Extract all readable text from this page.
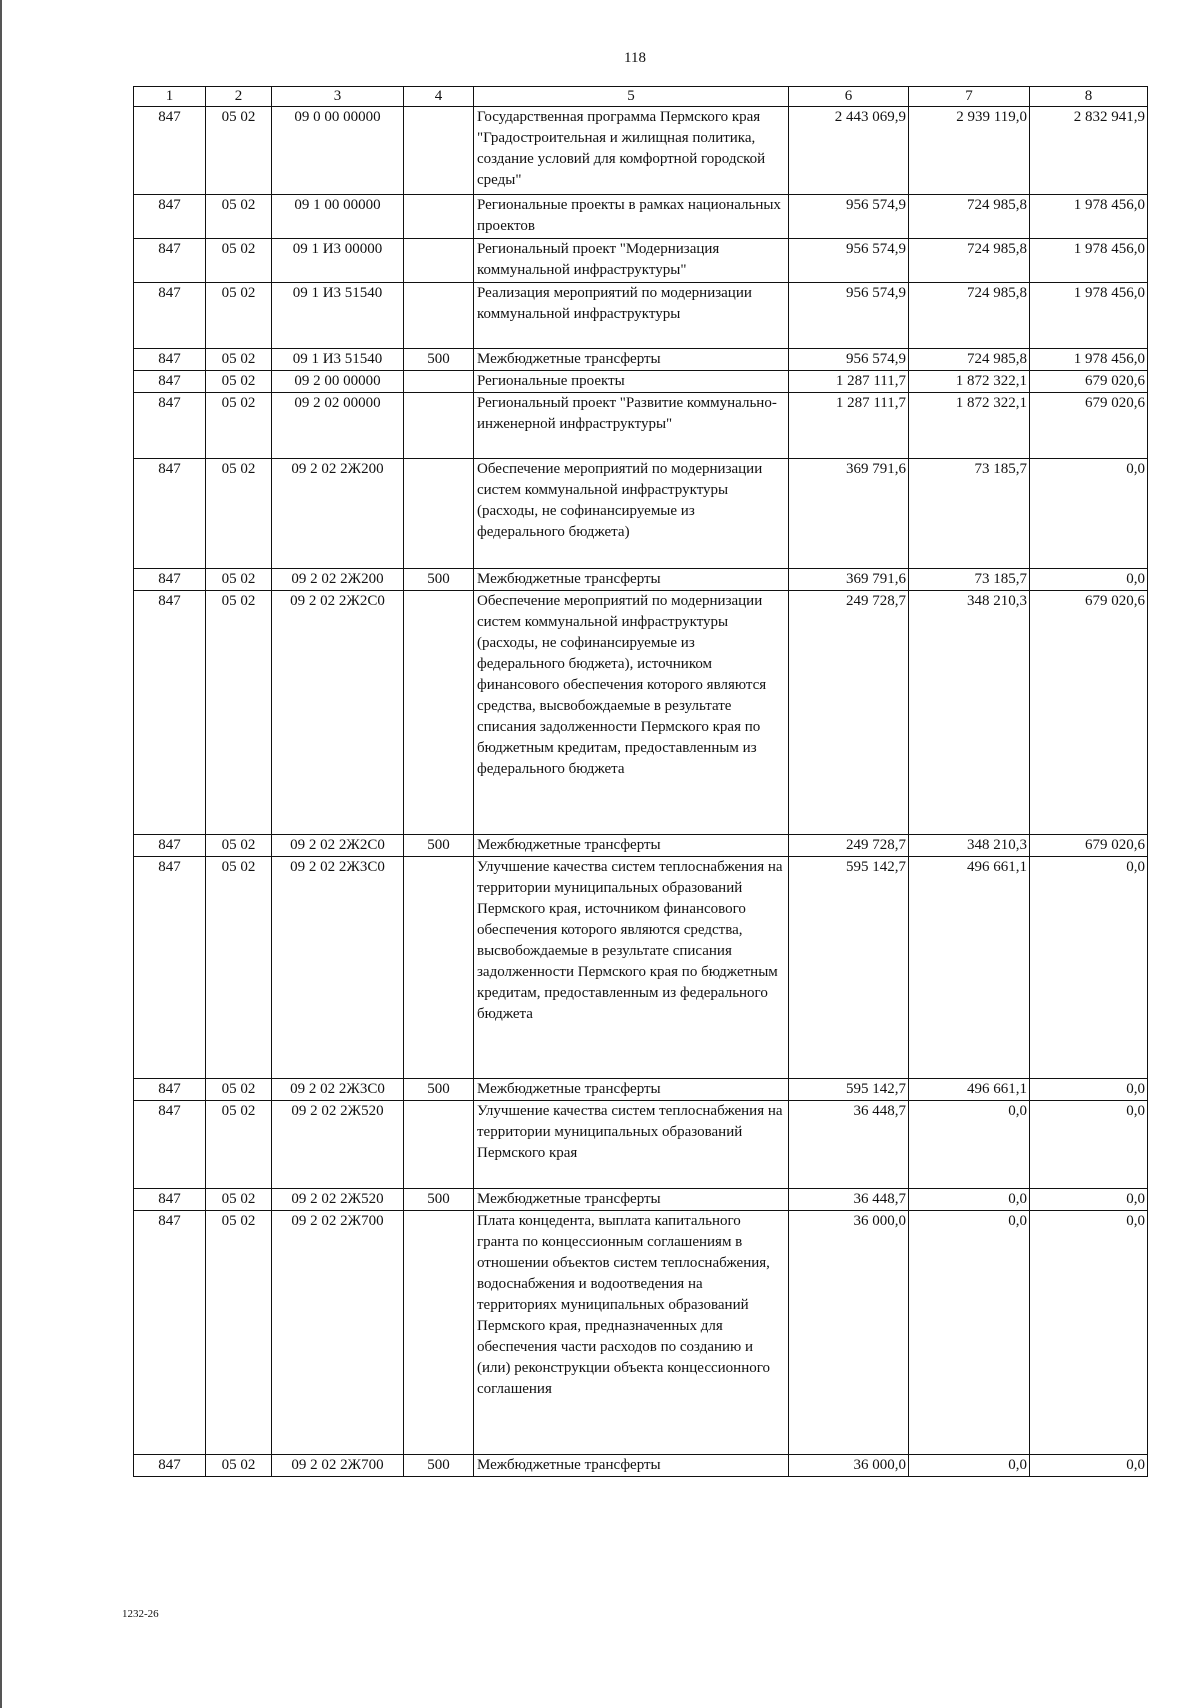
118
1	2	3	4	5	6	7	8
847	05 02	09 0 00 00000		Государственная программа Пермского края "Градостроительная и жилищная политика, создание условий для комфортной городской среды"	2 443 069,9	2 939 119,0	2 832 941,9
847	05 02	09 1 00 00000		Региональные проекты в рамках национальных проектов	956 574,9	724 985,8	1 978 456,0
847	05 02	09 1 И3 00000		Региональный проект "Модернизация коммунальной инфраструктуры"	956 574,9	724 985,8	1 978 456,0
847	05 02	09 1 И3 51540		Реализация мероприятий по модернизации коммунальной инфраструктуры	956 574,9	724 985,8	1 978 456,0
847	05 02	09 1 И3 51540	500	Межбюджетные трансферты	956 574,9	724 985,8	1 978 456,0
847	05 02	09 2 00 00000		Региональные проекты	1 287 111,7	1 872 322,1	679 020,6
847	05 02	09 2 02 00000		Региональный проект "Развитие коммунально-инженерной инфраструктуры"	1 287 111,7	1 872 322,1	679 020,6
847	05 02	09 2 02 2Ж200		Обеспечение мероприятий по модернизации систем коммунальной инфраструктуры (расходы, не софинансируемые из федерального бюджета)	369 791,6	73 185,7	0,0
847	05 02	09 2 02 2Ж200	500	Межбюджетные трансферты	369 791,6	73 185,7	0,0
847	05 02	09 2 02 2Ж2С0		Обеспечение мероприятий по модернизации систем коммунальной инфраструктуры (расходы, не софинансируемые из федерального бюджета), источником финансового обеспечения которого являются средства, высвобождаемые в результате списания задолженности Пермского края по бюджетным кредитам, предоставленным из федерального бюджета	249 728,7	348 210,3	679 020,6
847	05 02	09 2 02 2Ж2С0	500	Межбюджетные трансферты	249 728,7	348 210,3	679 020,6
847	05 02	09 2 02 2Ж3С0		Улучшение качества систем теплоснабжения на территории муниципальных образований Пермского края, источником финансового обеспечения которого являются средства, высвобождаемые в результате списания задолженности Пермского края по бюджетным кредитам, предоставленным из федерального бюджета	595 142,7	496 661,1	0,0
847	05 02	09 2 02 2Ж3С0	500	Межбюджетные трансферты	595 142,7	496 661,1	0,0
847	05 02	09 2 02 2Ж520		Улучшение качества систем теплоснабжения на территории муниципальных образований Пермского края	36 448,7	0,0	0,0
847	05 02	09 2 02 2Ж520	500	Межбюджетные трансферты	36 448,7	0,0	0,0
847	05 02	09 2 02 2Ж700		Плата концедента, выплата капитального гранта по концессионным соглашениям в отношении объектов систем теплоснабжения, водоснабжения и водоотведения на территориях муниципальных образований Пермского края, предназначенных для обеспечения части расходов по созданию и (или) реконструкции объекта концессионного соглашения	36 000,0	0,0	0,0
847	05 02	09 2 02 2Ж700	500	Межбюджетные трансферты	36 000,0	0,0	0,0
1232-26
